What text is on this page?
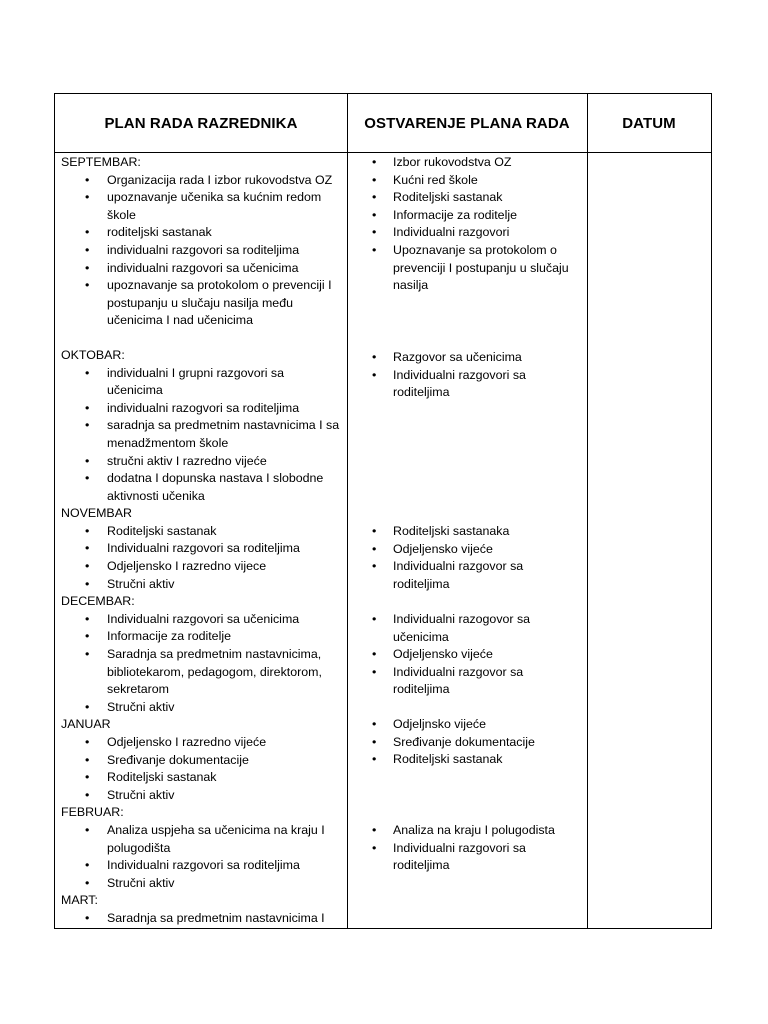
PLAN RADA RAZREDNIKA	OSTVARENJE PLANA RADA	DATUM
SEPTEMBAR:
• Organizacija rada I izbor rukovodstva OZ
• upoznavanje učenika sa kućnim redom škole
• roditeljski sastanak
• individualni razgovori sa roditeljima
• individualni razgovori sa učenicima
• upoznavanje sa protokolom o prevenciji I postupanju u slučaju nasilja među učenicima I nad učenicima
OKTOBAR:
• individualni I grupni razgovori sa učenicima
• individualni razogvori sa roditeljima
• saradnja sa predmetnim nastavnicima I sa menadžmentom škole
• stručni aktiv I razredno vijeće
• dodatna I dopunska nastava I slobodne aktivnosti učenika
NOVEMBAR
• Roditeljski sastanak
• Individualni razgovori sa roditeljima
• Odjeljensko I razredno vijece
• Stručni aktiv
DECEMBAR:
• Individualni razgovori sa učenicima
• Informacije za roditelje
• Saradnja sa predmetnim nastavnicima, bibliotekarom, pedagogom, direktorom, sekretarom
• Stručni aktiv
JANUAR
• Odjeljensko I razredno vijeće
• Sređivanje dokumentacije
• Roditeljski sastanak
• Stručni aktiv
FEBRUAR:
• Analiza uspjeha sa učenicima na kraju I polugodišta
• Individualni razgovori sa roditeljima
• Stručni aktiv
MART:
• Saradnja sa predmetnim nastavnicima I
• Izbor rukovodstva OZ
• Kućni red škole
• Roditeljski sastanak
• Informacije za roditelje
• Individualni razgovori
• Upoznavanje sa protokolom o prevenciji I postupanju u slučaju nasilja
• Razgovor sa učenicima
• Individualni razgovori sa roditeljima
• Roditeljski sastanaka
• Odjeljensko vijeće
• Individualni razgovor sa roditeljima
• Individualni razogovor sa učenicima
• Odjeljensko vijeće
• Individualni razgovor sa roditeljima
• Odjeljnsko vijeće
• Sređivanje dokumentacije
• Roditeljski sastanak
• Analiza na kraju I polugodista
• Individualni razgovori sa roditeljima
